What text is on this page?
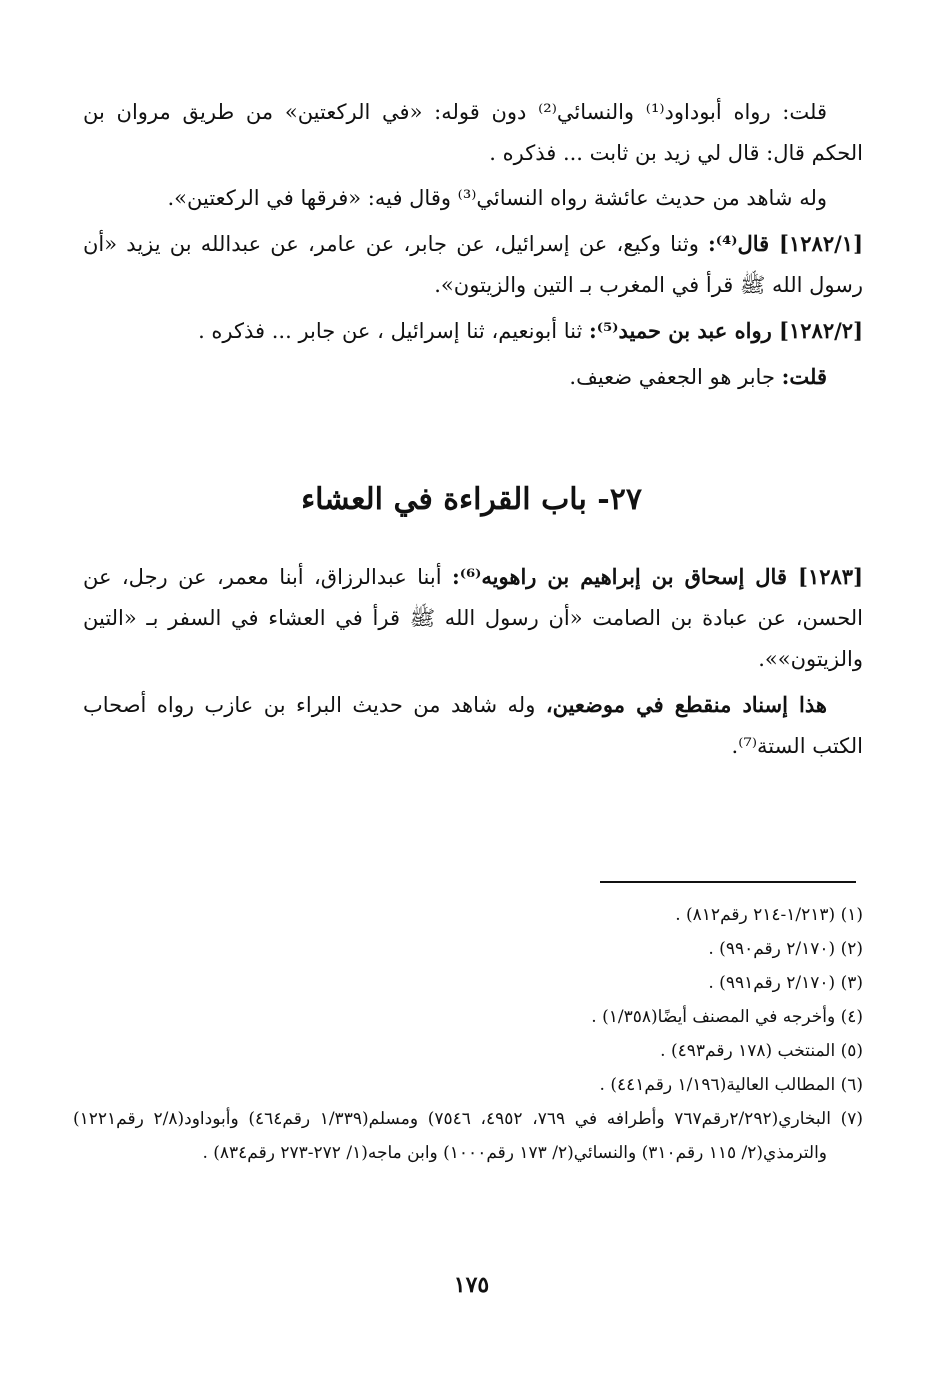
قلت: رواه أبوداود⁽¹⁾ والنسائي⁽²⁾ دون قوله: «في الركعتين» من طريق مروان بن الحكم قال: قال لي زيد بن ثابت ... فذكره .

وله شاهد من حديث عائشة رواه النسائي⁽³⁾ وقال فيه: «فرقها في الركعتين».

[١٢٨٢/١] قال⁽⁴⁾: وثنا وكيع، عن إسرائيل، عن جابر، عن عامر، عن عبدالله بن يزيد «أن رسول الله ﷺ قرأ في المغرب بـ التين والزيتون».

[١٢٨٢/٢] رواه عبد بن حميد⁽⁵⁾: ثنا أبونعيم، ثنا إسرائيل ، عن جابر ... فذكره .

قلت: جابر هو الجعفي ضعيف.

٢٧- باب القراءة في العشاء

[١٢٨٣] قال إسحاق بن إبراهيم بن راهويه⁽⁶⁾: أبنا عبدالرزاق، أبنا معمر، عن رجل، عن الحسن، عن عبادة بن الصامت «أن رسول الله ﷺ قرأ في العشاء في السفر بـ «التين والزيتون»».

هذا إسناد منقطع في موضعين، وله شاهد من حديث البراء بن عازب رواه أصحاب الكتب الستة⁽⁷⁾.

(١) (١/٢١٣-٢١٤ رقم٨١٢) .

(٢) (٢/١٧٠ رقم٩٩٠) .

(٣) (٢/١٧٠ رقم٩٩١) .

(٤) وأخرجه في المصنف أيضًا(١/٣٥٨) .

(٥) المنتخب (١٧٨ رقم٤٩٣) .

(٦) المطالب العالية(١/١٩٦ رقم٤٤١) .

(٧) البخاري(٢/٢٩٢رقم٧٦٧ وأطرافه في ٧٦٩، ٤٩٥٢، ٧٥٤٦) ومسلم(١/٣٣٩ رقم٤٦٤) وأبوداود(٢/٨ رقم١٢٢١) والترمذي(٢/ ١١٥ رقم٣١٠) والنسائي(٢/ ١٧٣ رقم١٠٠٠) وابن ماجه(١/ ٢٧٢-٢٧٣ رقم٨٣٤) .

١٧٥
